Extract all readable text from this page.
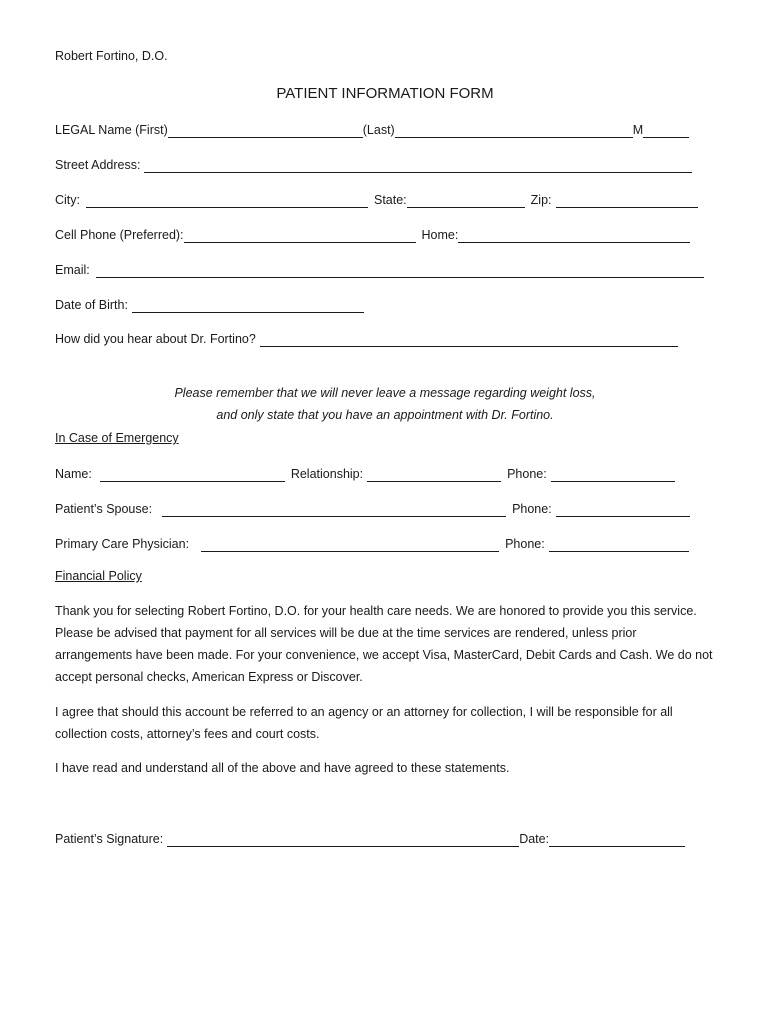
Robert Fortino, D.O.
PATIENT INFORMATION FORM
LEGAL Name (First)	(Last)	M
Street Address:
City:	State:	Zip:
Cell Phone (Preferred):	Home:
Email:
Date of Birth:
How did you hear about Dr. Fortino?
Please remember that we will never leave a message regarding weight loss,
and only state that you have an appointment with Dr. Fortino.
In Case of Emergency
Name:	Relationship:	Phone:
Patient’s Spouse:	Phone:
Primary Care Physician:	Phone:
Financial Policy
Thank you for selecting Robert Fortino, D.O. for your health care needs. We are honored to provide you this service. Please be advised that payment for all services will be due at the time services are rendered, unless prior arrangements have been made. For your convenience, we accept Visa, MasterCard, Debit Cards and Cash. We do not accept personal checks, American Express or Discover.
I agree that should this account be referred to an agency or an attorney for collection, I will be responsible for all collection costs, attorney’s fees and court costs.
I have read and understand all of the above and have agreed to these statements.
Patient’s Signature:	Date:
